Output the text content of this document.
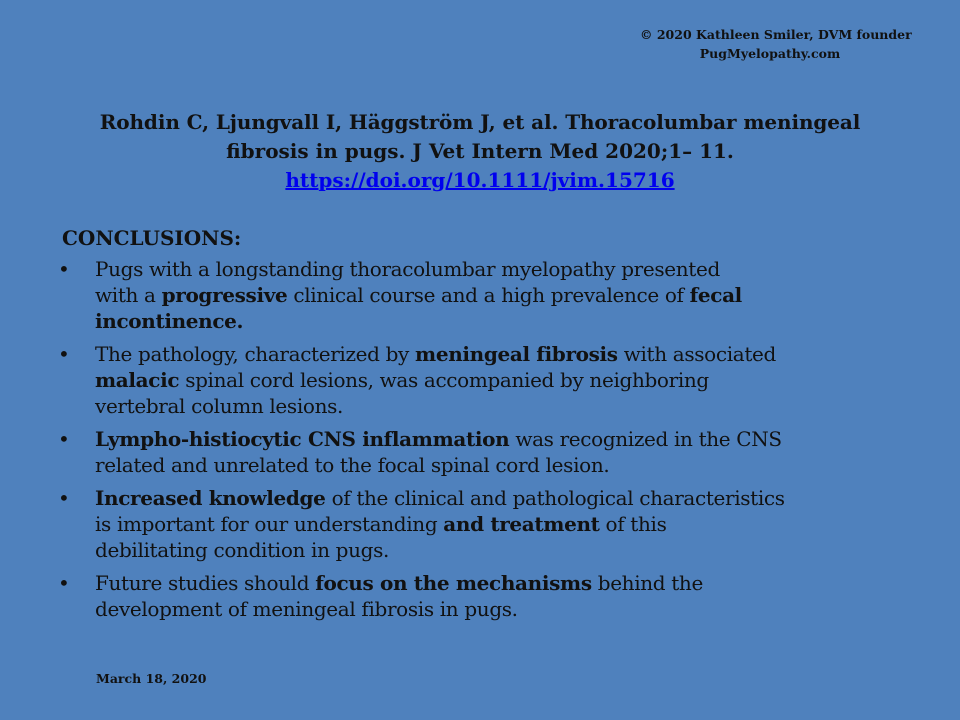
© 2020 Kathleen Smiler, DVM founder
PugMyelopathy.com
Rohdin C, Ljungvall I, Häggström J, et al. Thoracolumbar meningeal
fibrosis in pugs. J Vet Intern Med 2020;1– 11.
https://doi.org/10.1111/jvim.15716
CONCLUSIONS:
• Pugs with a longstanding thoracolumbar myelopathy presented
with a progressive clinical course and a high prevalence of fecal
incontinence.
• The pathology, characterized by meningeal fibrosis with associated
malacic spinal cord lesions, was accompanied by neighboring
vertebral column lesions.
• Lympho-histiocytic CNS inflammation was recognized in the CNS
related and unrelated to the focal spinal cord lesion.
• Increased knowledge of the clinical and pathological characteristics
is important for our understanding and treatment of this
debilitating condition in pugs.
• Future studies should focus on the mechanisms behind the
development of meningeal fibrosis in pugs.
March 18, 2020
